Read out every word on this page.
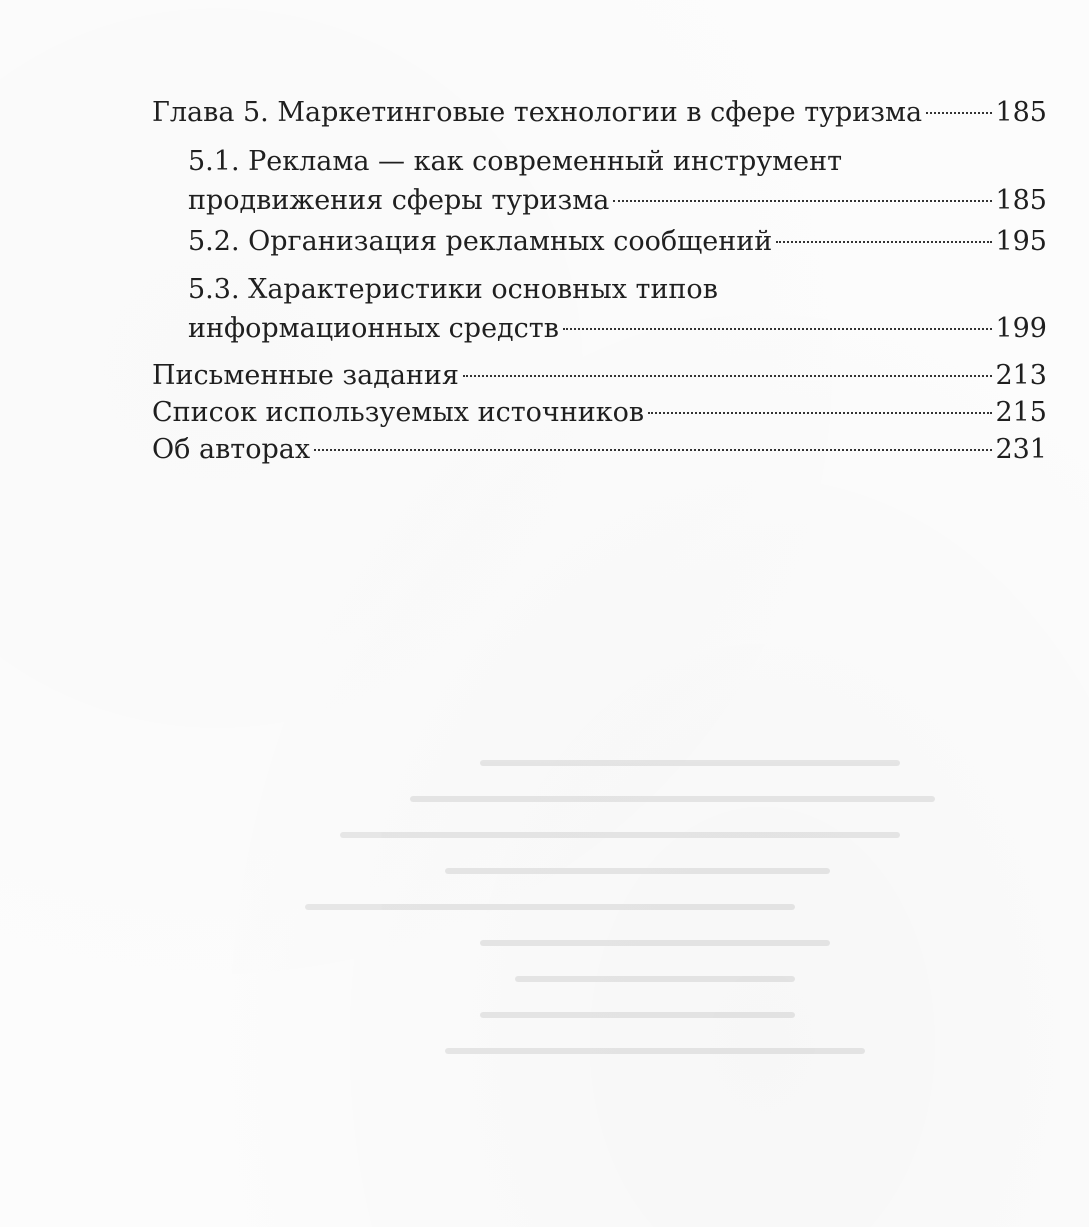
Глава 5. Маркетинговые технологии в сфере туризма	185
5.1. Реклама — как современный инструмент
продвижения сферы туризма	185
5.2. Организация рекламных сообщений	195
5.3. Характеристики основных типов
информационных средств	199
Письменные задания	213
Список используемых источников	215
Об авторах	231
